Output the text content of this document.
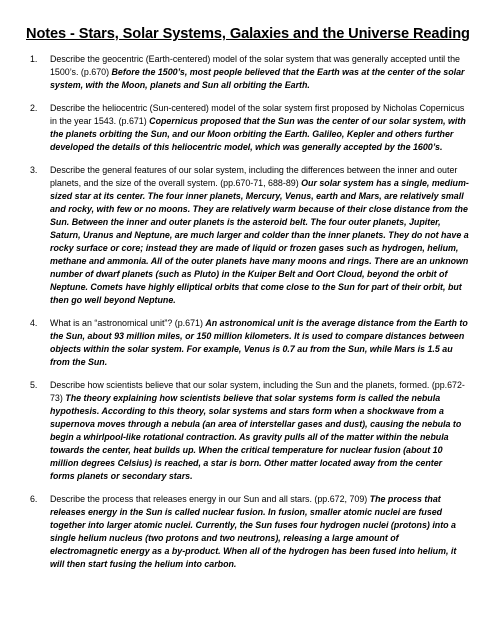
Notes - Stars, Solar Systems, Galaxies and the Universe Reading
1.	Describe the geocentric (Earth-centered) model of the solar system that was generally accepted until the 1500’s. (p.670) Before the 1500’s, most people believed that the Earth was at the center of the solar system, with the Moon, planets and Sun all orbiting the Earth.
2.	Describe the heliocentric (Sun-centered) model of the solar system first proposed by Nicholas Copernicus in the year 1543. (p.671) Copernicus proposed that the Sun was the center of our solar system, with the planets orbiting the Sun, and our Moon orbiting the Earth. Galileo, Kepler and others further developed the details of this heliocentric model, which was generally accepted by the 1600’s.
3.	Describe the general features of our solar system, including the differences between the inner and outer planets, and the size of the overall system. (pp.670-71, 688-89) Our solar system has a single, medium-sized star at its center. The four inner planets, Mercury, Venus, earth and Mars, are relatively small and rocky, with few or no moons. They are relatively warm because of their close distance from the Sun. Between the inner and outer planets is the asteroid belt. The four outer planets, Jupiter, Saturn, Uranus and Neptune, are much larger and colder than the inner planets. They do not have a rocky surface or core; instead they are made of liquid or frozen gases such as hydrogen, helium, methane and ammonia. All of the outer planets have many moons and rings. There are an unknown number of dwarf planets (such as Pluto) in the Kuiper Belt and Oort Cloud, beyond the orbit of Neptune. Comets have highly elliptical orbits that come close to the Sun for part of their orbit, but then go well beyond Neptune.
4.	What is an “astronomical unit”? (p.671) An astronomical unit is the average distance from the Earth to the Sun, about 93 million miles, or 150 million kilometers. It is used to compare distances between objects within the solar system. For example, Venus is 0.7 au from the Sun, while Mars is 1.5 au from the Sun.
5.	Describe how scientists believe that our solar system, including the Sun and the planets, formed. (pp.672-73) The theory explaining how scientists believe that solar systems form is called the nebula hypothesis. According to this theory, solar systems and stars form when a shockwave from a supernova moves through a nebula (an area of interstellar gases and dust), causing the nebula to begin a whirlpool-like rotational contraction. As gravity pulls all of the matter within the nebula towards the center, heat builds up. When the critical temperature for nuclear fusion (about 10 million degrees Celsius) is reached, a star is born. Other matter located away from the center forms planets or secondary stars.
6.	Describe the process that releases energy in our Sun and all stars. (pp.672, 709) The process that releases energy in the Sun is called nuclear fusion. In fusion, smaller atomic nuclei are fused together into larger atomic nuclei. Currently, the Sun fuses four hydrogen nuclei (protons) into a single helium nucleus (two protons and two neutrons), releasing a large amount of electromagnetic energy as a by-product. When all of the hydrogen has been fused into helium, it will then start fusing the helium into carbon.
